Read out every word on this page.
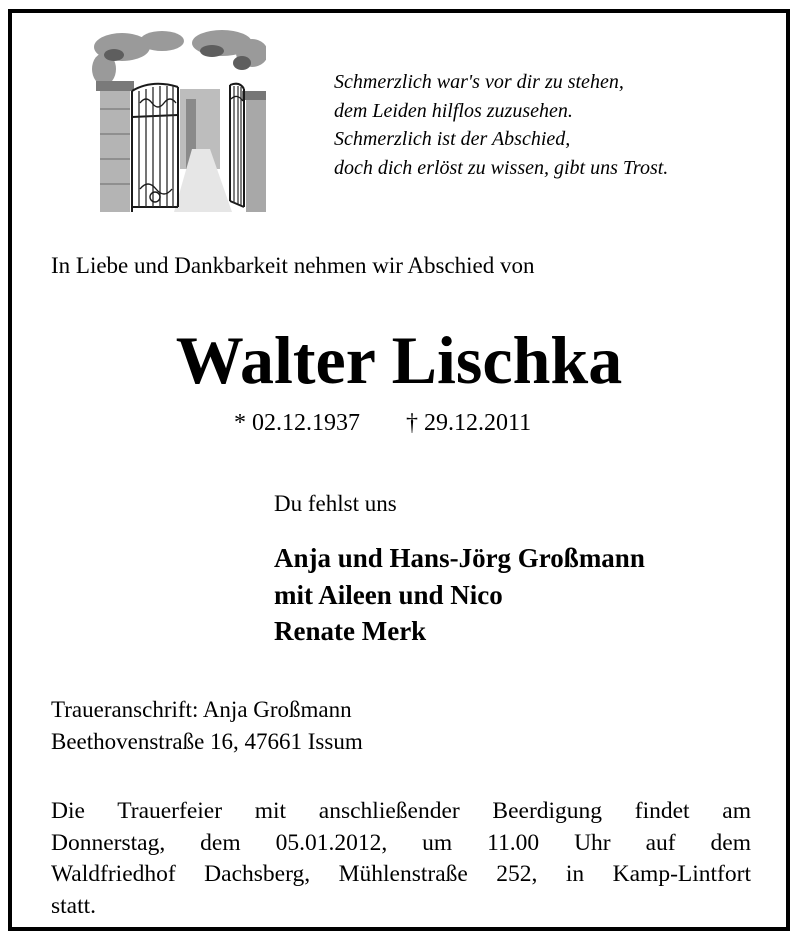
Schmerzlich war's vor dir zu stehen,
dem Leiden hilflos zuzusehen.
Schmerzlich ist der Abschied,
doch dich erlöst zu wissen, gibt uns Trost.
In Liebe und Dankbarkeit nehmen wir Abschied von
Walter Lischka
* 02.12.1937 † 29.12.2011
Du fehlst uns
Anja und Hans-Jörg Großmann
mit Aileen und Nico
Renate Merk
Traueranschrift: Anja Großmann
Beethovenstraße 16, 47661 Issum
Die Trauerfeier mit anschließender Beerdigung findet am
Donnerstag, dem 05.01.2012, um 11.00 Uhr auf dem
Waldfriedhof Dachsberg, Mühlenstraße 252, in Kamp-Lintfort
statt.
